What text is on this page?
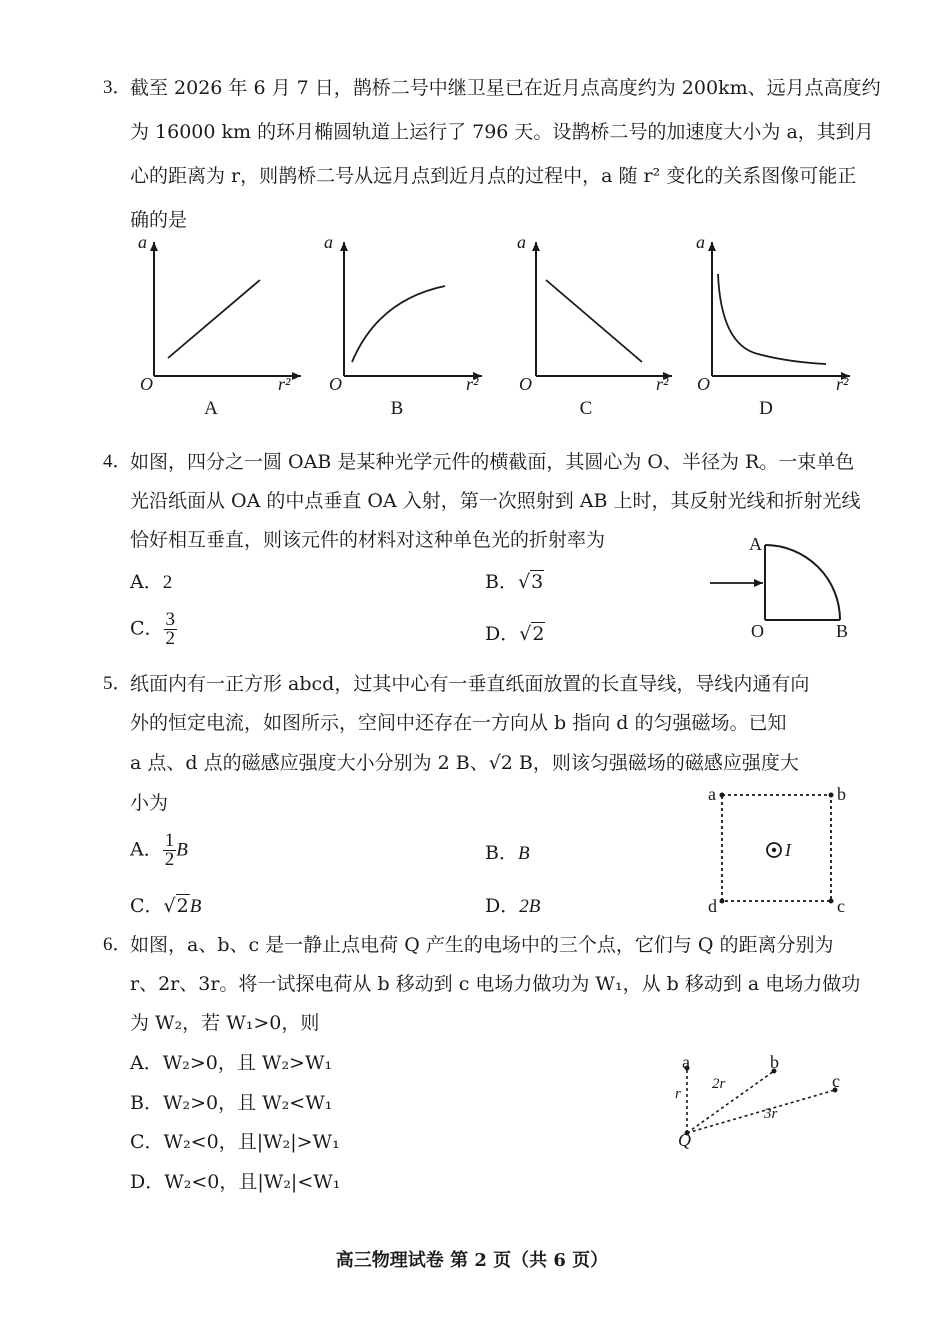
3．
截至 2026 年 6 月 7 日，鹊桥二号中继卫星已在近月点高度约为 200km、远月点高度约
为 16000 km 的环月椭圆轨道上运行了 796 天。设鹊桥二号的加速度大小为 a，其到月
心的距离为 r，则鹊桥二号从远月点到近月点的过程中，a 随 r² 变化的关系图像可能正
确的是
a
O	r²
A
a
O	r²
B
a
O	r²
C
a
O	r²
D
4．
如图，四分之一圆 OAB 是某种光学元件的横截面，其圆心为 O、半径为 R。一束单色
光沿纸面从 OA 的中点垂直 OA 入射，第一次照射到 AB 上时，其反射光线和折射光线
恰好相互垂直，则该元件的材料对这种单色光的折射率为
A．2	B．√3
C． $\frac{3}{2}$	D．√2
A
O	B
5．
纸面内有一正方形 abcd，过其中心有一垂直纸面放置的长直导线，导线内通有向
外的恒定电流，如图所示，空间中还存在一方向从 b 指向 d 的匀强磁场。已知
a 点、d 点的磁感应强度大小分别为 2 B、√2 B，则该匀强磁场的磁感应强度大
小为
A． $\frac{1}{2}$ B	B．B
C．√2B	D．2B
a	b
c
d
I
6．
如图，a、b、c 是一静止点电荷 Q 产生的电场中的三个点，它们与 Q 的距离分别为
r、2r、3r。将一试探电荷从 b 移动到 c 电场力做功为 W₁，从 b 移动到 a 电场力做功
为 W₂，若 W₁>0，则
A．W₂>0，且 W₂>W₁
B．W₂>0，且 W₂<W₁
C．W₂<0，且|W₂|>W₁
D．W₂<0，且|W₂|<W₁
a	b
c
Q
r
2r
3r
高三物理试卷 第 2 页（共 6 页）
